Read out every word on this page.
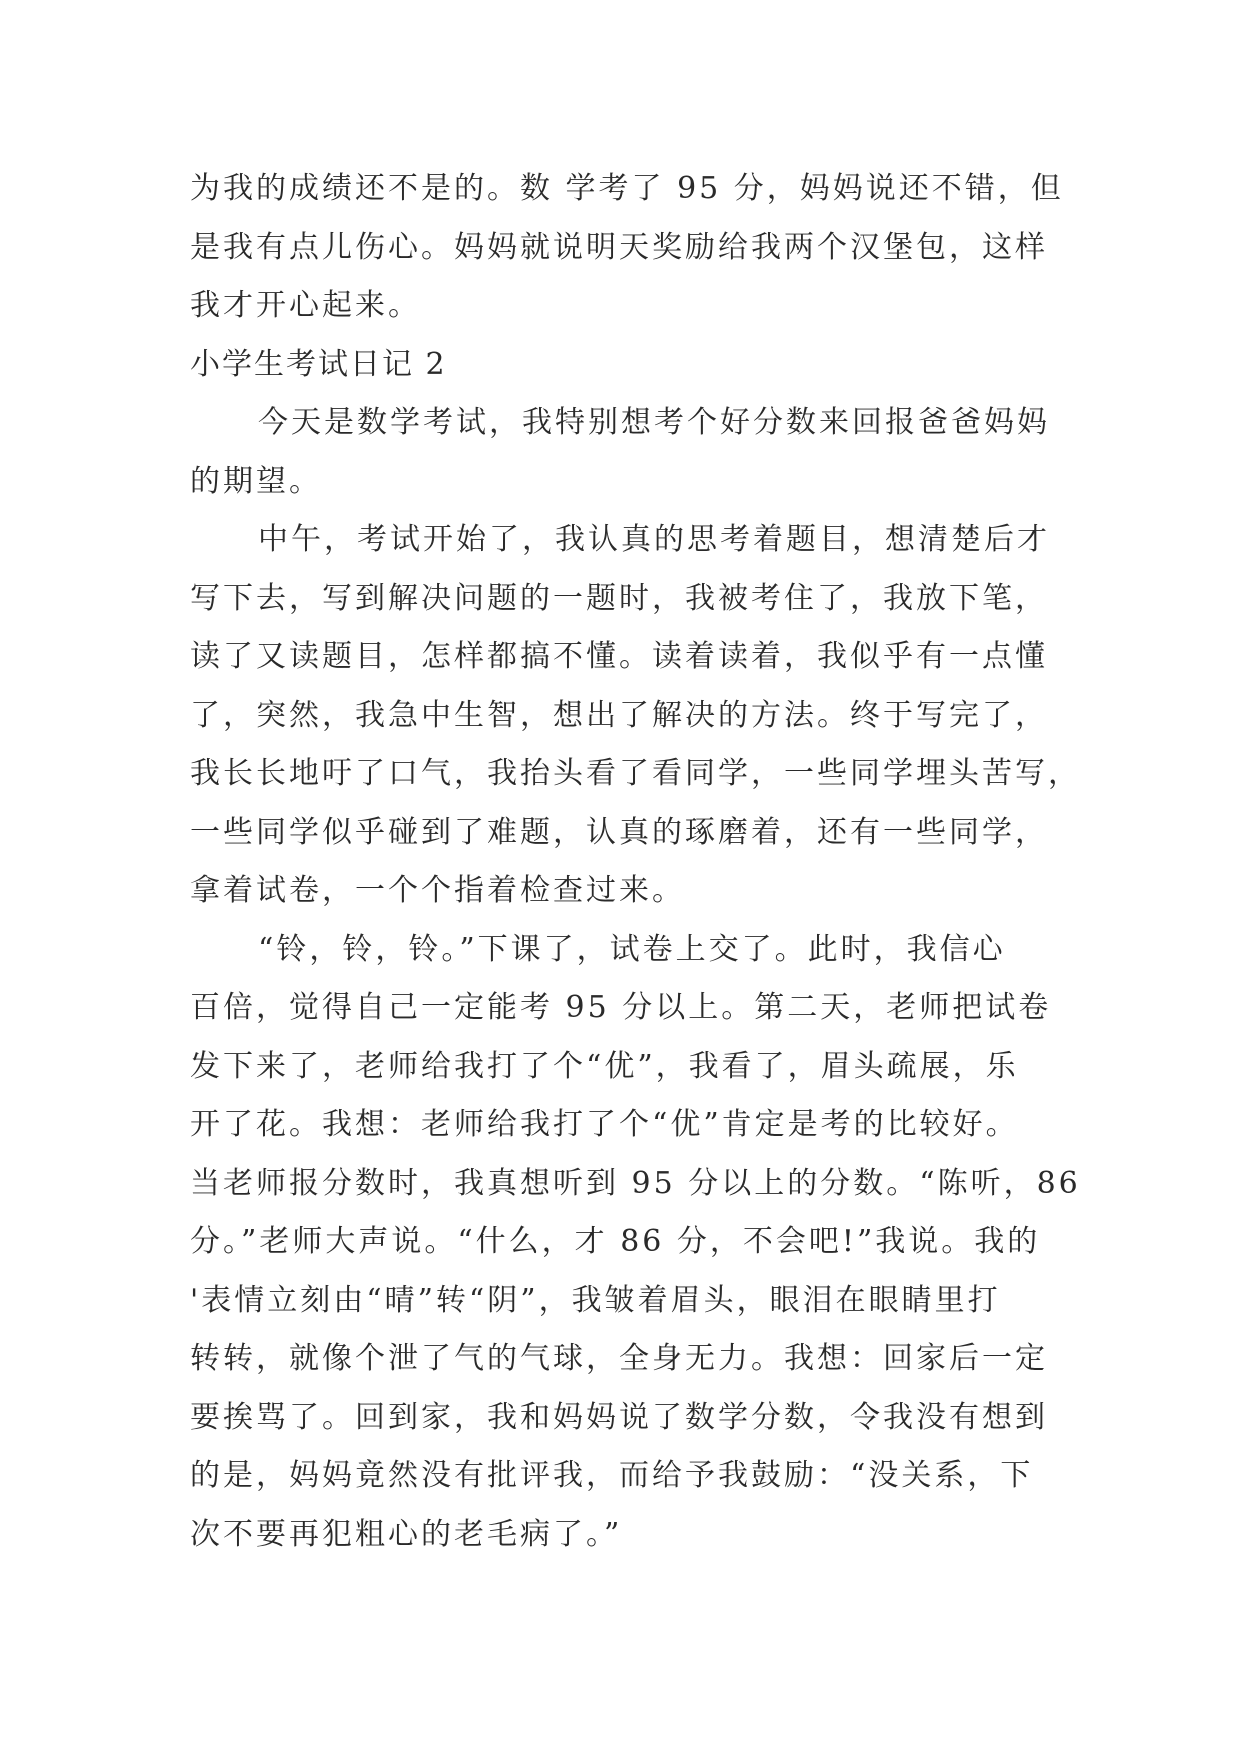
为我的成绩还不是的。数 学考了 95 分，妈妈说还不错，但
是我有点儿伤心。妈妈就说明天奖励给我两个汉堡包，这样
我才开心起来。
小学生考试日记 2
今天是数学考试，我特别想考个好分数来回报爸爸妈妈
的期望。
中午，考试开始了，我认真的思考着题目，想清楚后才
写下去，写到解决问题的一题时，我被考住了，我放下笔，
读了又读题目，怎样都搞不懂。读着读着，我似乎有一点懂
了，突然，我急中生智，想出了解决的方法。终于写完了，
我长长地吁了口气，我抬头看了看同学，一些同学埋头苦写，
一些同学似乎碰到了难题，认真的琢磨着，还有一些同学，
拿着试卷，一个个指着检查过来。
“铃，铃，铃。”下课了，试卷上交了。此时，我信心
百倍，觉得自己一定能考 95 分以上。第二天，老师把试卷
发下来了，老师给我打了个“优”，我看了，眉头疏展，乐
开了花。我想：老师给我打了个“优”肯定是考的比较好。
当老师报分数时，我真想听到 95 分以上的分数。“陈听，86
分。”老师大声说。“什么，才 86 分，不会吧!”我说。我的
'表情立刻由“晴”转“阴”，我皱着眉头，眼泪在眼睛里打
转转，就像个泄了气的气球，全身无力。我想：回家后一定
要挨骂了。回到家，我和妈妈说了数学分数，令我没有想到
的是，妈妈竟然没有批评我，而给予我鼓励：“没关系，下
次不要再犯粗心的老毛病了。”
